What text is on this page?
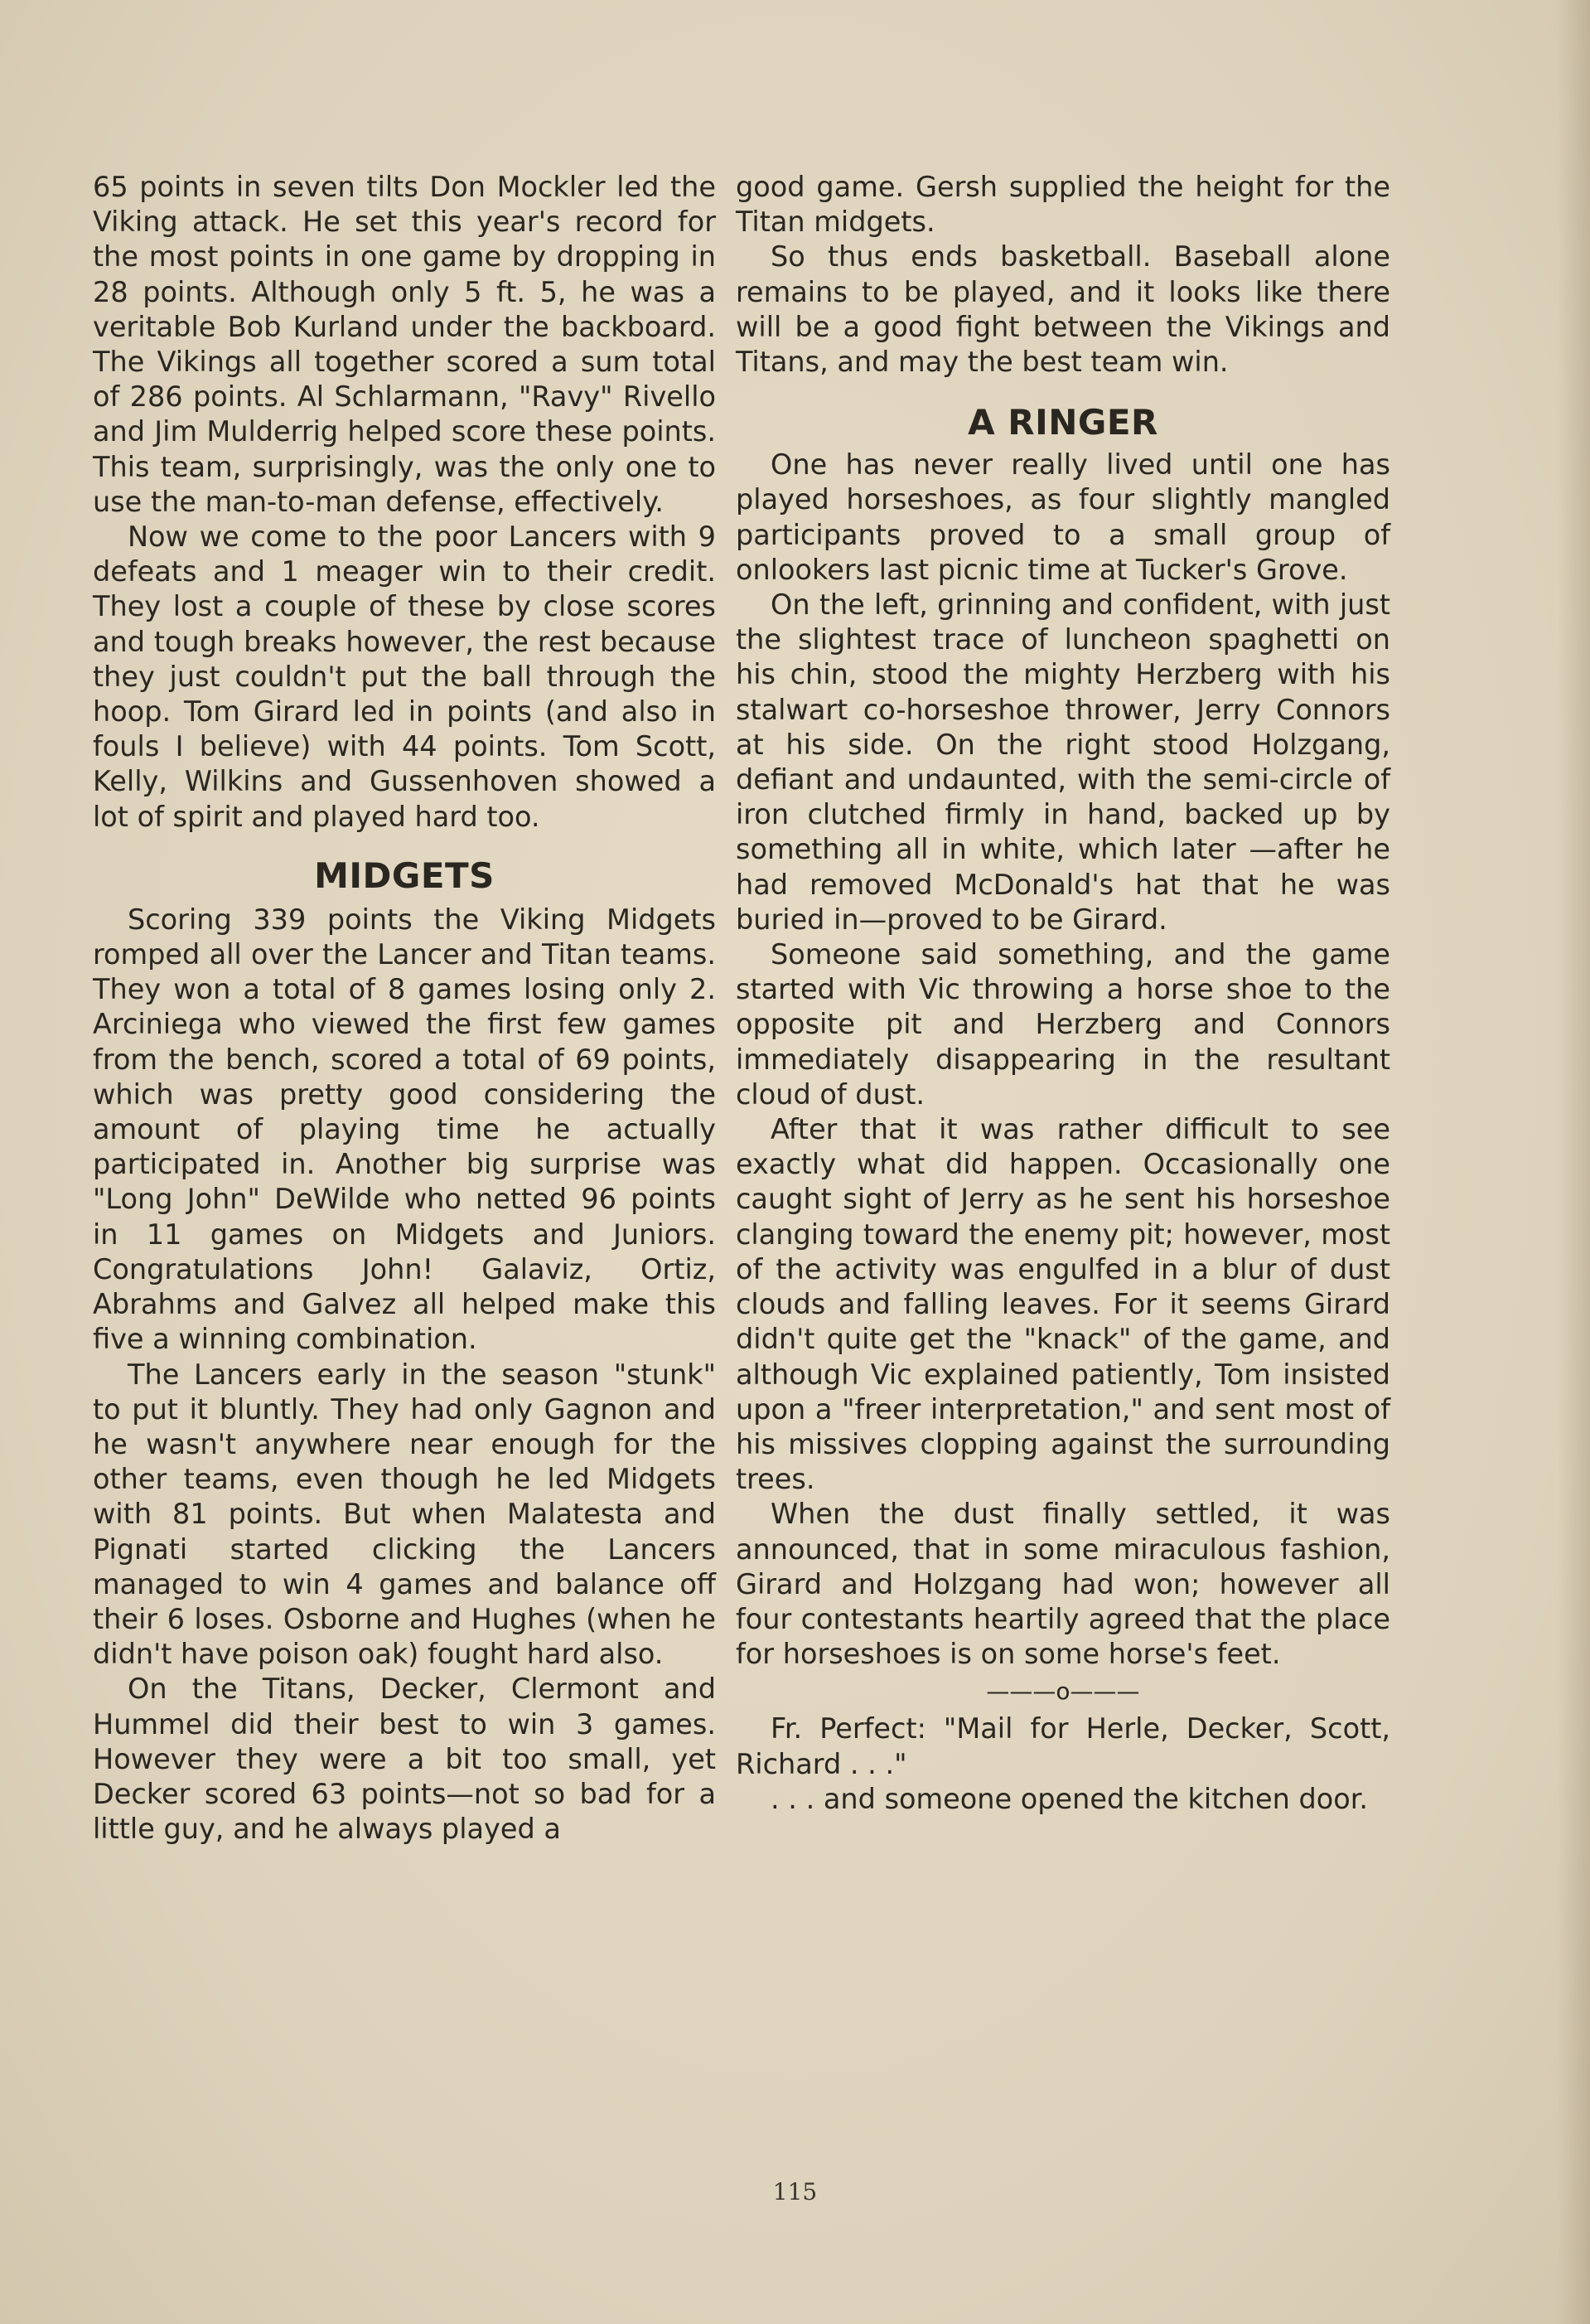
65 points in seven tilts Don Mockler led the Viking attack. He set this year's record for the most points in one game by dropping in 28 points. Although only 5 ft. 5, he was a veritable Bob Kurland under the backboard. The Vikings all together scored a sum total of 286 points. Al Schlarmann, "Ravy" Rivello and Jim Mulderrig helped score these points. This team, surprisingly, was the only one to use the man-to-man defense, effectively.

Now we come to the poor Lancers with 9 defeats and 1 meager win to their credit. They lost a couple of these by close scores and tough breaks however, the rest because they just couldn't put the ball through the hoop. Tom Girard led in points (and also in fouls I believe) with 44 points. Tom Scott, Kelly, Wilkins and Gussenhoven showed a lot of spirit and played hard too.

MIDGETS

Scoring 339 points the Viking Midgets romped all over the Lancer and Titan teams. They won a total of 8 games losing only 2. Arciniega who viewed the first few games from the bench, scored a total of 69 points, which was pretty good considering the amount of playing time he actually participated in. Another big surprise was "Long John" DeWilde who netted 96 points in 11 games on Midgets and Juniors. Congratulations John! Galaviz, Ortiz, Abrahms and Galvez all helped make this five a winning combination.

The Lancers early in the season "stunk" to put it bluntly. They had only Gagnon and he wasn't anywhere near enough for the other teams, even though he led Midgets with 81 points. But when Malatesta and Pignati started clicking the Lancers managed to win 4 games and balance off their 6 loses. Osborne and Hughes (when he didn't have poison oak) fought hard also.

On the Titans, Decker, Clermont and Hummel did their best to win 3 games. However they were a bit too small, yet Decker scored 63 points—not so bad for a little guy, and he always played a

good game. Gersh supplied the height for the Titan midgets.

So thus ends basketball. Baseball alone remains to be played, and it looks like there will be a good fight between the Vikings and Titans, and may the best team win.

A RINGER

One has never really lived until one has played horseshoes, as four slightly mangled participants proved to a small group of onlookers last picnic time at Tucker's Grove.

On the left, grinning and confident, with just the slightest trace of luncheon spaghetti on his chin, stood the mighty Herzberg with his stalwart co-horseshoe thrower, Jerry Connors at his side. On the right stood Holzgang, defiant and undaunted, with the semi-circle of iron clutched firmly in hand, backed up by something all in white, which later —after he had removed McDonald's hat that he was buried in—proved to be Girard.

Someone said something, and the game started with Vic throwing a horse shoe to the opposite pit and Herzberg and Connors immediately disappearing in the resultant cloud of dust.

After that it was rather difficult to see exactly what did happen. Occasionally one caught sight of Jerry as he sent his horseshoe clanging toward the enemy pit; however, most of the activity was engulfed in a blur of dust clouds and falling leaves. For it seems Girard didn't quite get the "knack" of the game, and although Vic explained patiently, Tom insisted upon a "freer interpretation," and sent most of his missives clopping against the surrounding trees.

When the dust finally settled, it was announced, that in some miraculous fashion, Girard and Holzgang had won; however all four contestants heartily agreed that the place for horseshoes is on some horse's feet.

———o———

Fr. Perfect: "Mail for Herle, Decker, Scott, Richard . . ."

. . . and someone opened the kitchen door.

115
